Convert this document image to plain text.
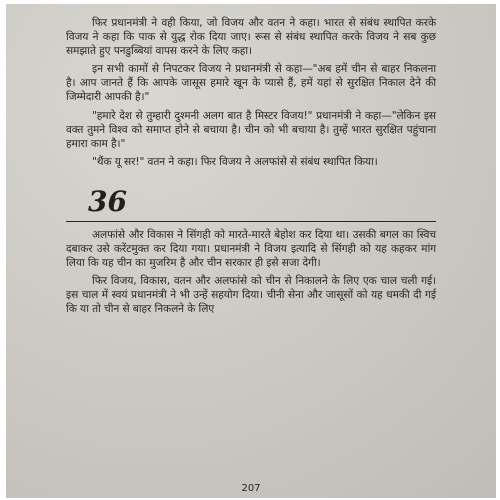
फिर प्रधानमंत्री ने वही किया, जो विजय और वतन ने कहा। भारत से संबंध स्थापित करके विजय ने कहा कि पाक से युद्ध रोक दिया जाए। रूस से संबंध स्थापित करके विजय ने सब कुछ समझाते हुए पनडुब्बियां वापस करने के लिए कहा।

इन सभी कामों से निपटकर विजय ने प्रधानमंत्री से कहा—"अब हमें चीन से बाहर निकलना है। आप जानते हैं कि आपके जासूस हमारे खून के प्यासे हैं, हमें यहां से सुरक्षित निकाल देने की जिम्मेदारी आपकी है।"

"हमारे देश से तुम्हारी दुश्मनी अलग बात है मिस्टर विजय!" प्रधानमंत्री ने कहा—"लेकिन इस वक्त तुमने विश्व को समाप्त होने से बचाया है। चीन को भी बचाया है। तुम्हें भारत सुरक्षित पहुंचाना हमारा काम है।"

"थैंक यू सर!" वतन ने कहा। फिर विजय ने अलफांसे से संबंध स्थापित किया।

36

अलफांसे और विकास ने सिंगही को मारते-मारते बेहोश कर दिया था। उसकी बगल का स्विच दबाकर उसे करेंटमुक्त कर दिया गया। प्रधानमंत्री ने विजय इत्यादि से सिंगही को यह कहकर मांग लिया कि यह चीन का मुजरिम है और चीन सरकार ही इसे सजा देगी।

फिर विजय, विकास, वतन और अलफांसे को चीन से निकालने के लिए एक चाल चली गई। इस चाल में स्वयं प्रधानमंत्री ने भी उन्हें सहयोग दिया। चीनी सेना और जासूसों को यह धमकी दी गई कि या तो चीन से बाहर निकलने के लिए

207
